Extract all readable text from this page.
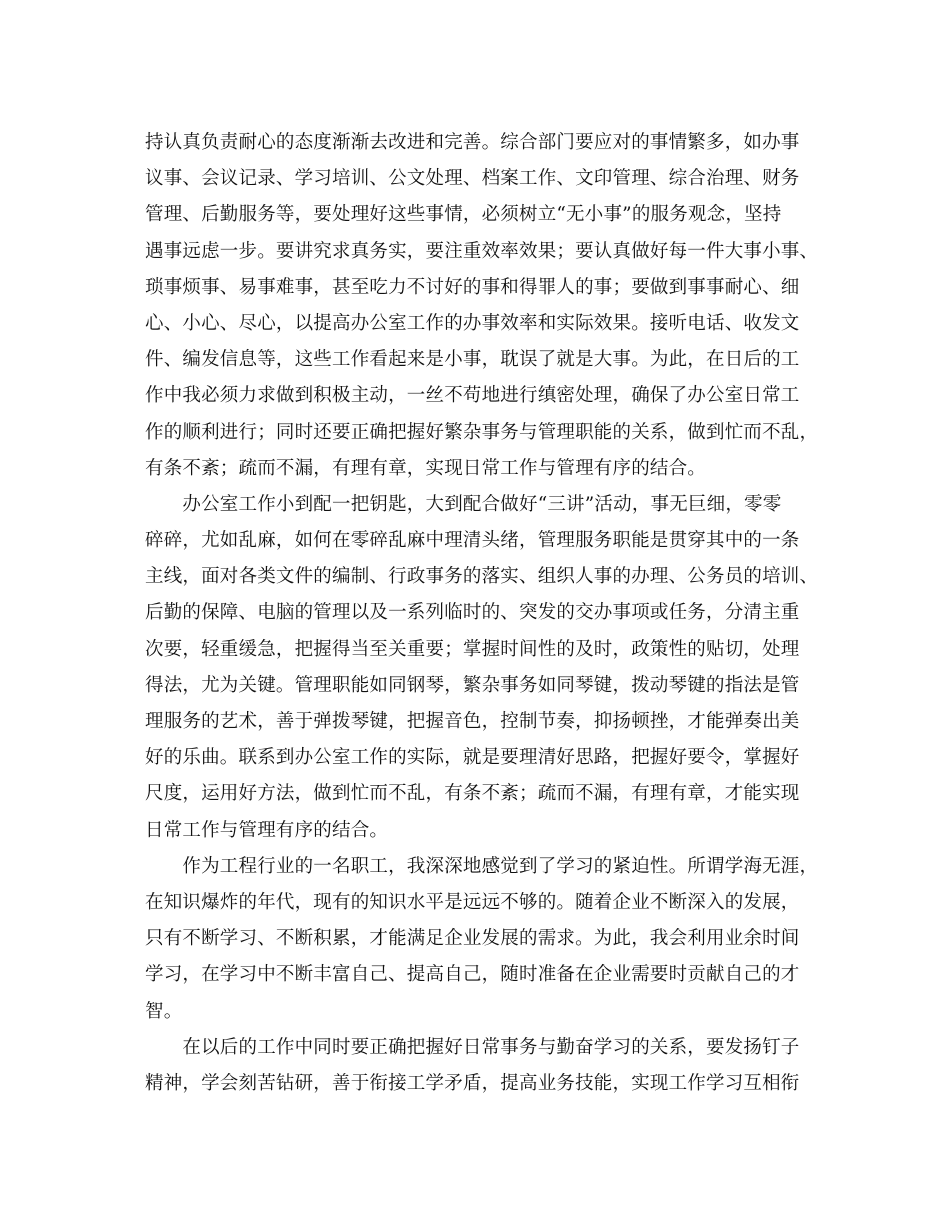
持认真负责耐心的态度渐渐去改进和完善。综合部门要应对的事情繁多，如办事
议事、会议记录、学习培训、公文处理、档案工作、文印管理、综合治理、财务
管理、后勤服务等，要处理好这些事情，必须树立“无小事”的服务观念，坚持
遇事远虑一步。要讲究求真务实，要注重效率效果；要认真做好每一件大事小事、
琐事烦事、易事难事，甚至吃力不讨好的事和得罪人的事；要做到事事耐心、细
心、小心、尽心，以提高办公室工作的办事效率和实际效果。接听电话、收发文
件、编发信息等，这些工作看起来是小事，耽误了就是大事。为此，在日后的工
作中我必须力求做到积极主动，一丝不苟地进行缜密处理，确保了办公室日常工
作的顺利进行；同时还要正确把握好繁杂事务与管理职能的关系，做到忙而不乱，
有条不紊；疏而不漏，有理有章，实现日常工作与管理有序的结合。
　　办公室工作小到配一把钥匙，大到配合做好“三讲”活动，事无巨细，零零
碎碎，尤如乱麻，如何在零碎乱麻中理清头绪，管理服务职能是贯穿其中的一条
主线，面对各类文件的编制、行政事务的落实、组织人事的办理、公务员的培训、
后勤的保障、电脑的管理以及一系列临时的、突发的交办事项或任务，分清主重
次要，轻重缓急，把握得当至关重要；掌握时间性的及时，政策性的贴切，处理
得法，尤为关键。管理职能如同钢琴，繁杂事务如同琴键，拨动琴键的指法是管
理服务的艺术，善于弹拨琴键，把握音色，控制节奏，抑扬顿挫，才能弹奏出美
好的乐曲。联系到办公室工作的实际，就是要理清好思路，把握好要令，掌握好
尺度，运用好方法，做到忙而不乱，有条不紊；疏而不漏，有理有章，才能实现
日常工作与管理有序的结合。
　　作为工程行业的一名职工，我深深地感觉到了学习的紧迫性。所谓学海无涯，
在知识爆炸的年代，现有的知识水平是远远不够的。随着企业不断深入的发展，
只有不断学习、不断积累，才能满足企业发展的需求。为此，我会利用业余时间
学习，在学习中不断丰富自己、提高自己，随时准备在企业需要时贡献自己的才
智。
　　在以后的工作中同时要正确把握好日常事务与勤奋学习的关系，要发扬钉子
精神，学会刻苦钻研，善于衔接工学矛盾，提高业务技能，实现工作学习互相衔
